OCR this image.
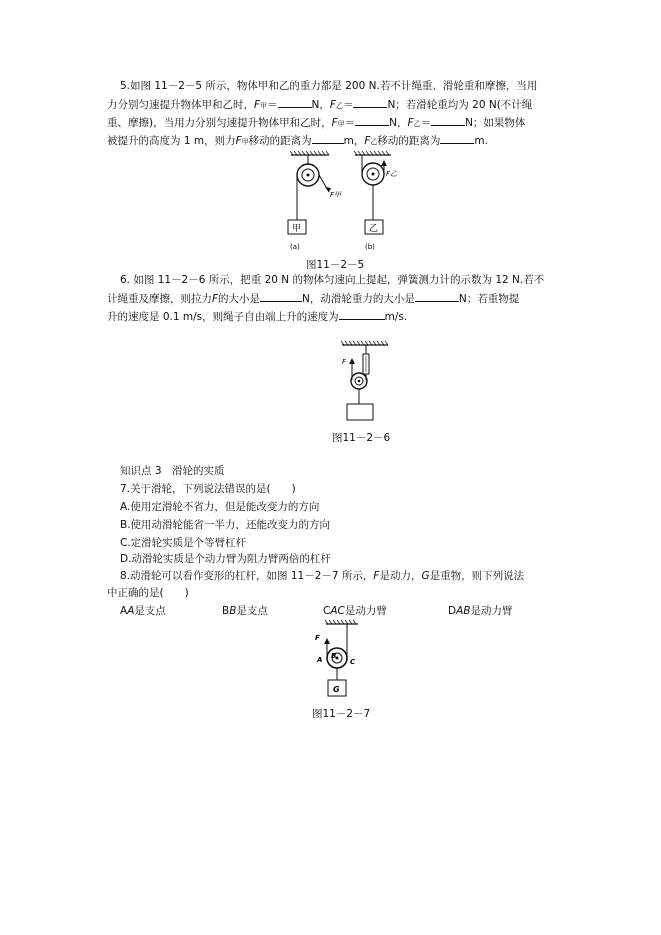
5.如图 11－2－5 所示，物体甲和乙的重力都是 200 N.若不计绳重、滑轮重和摩擦，当用
力分别匀速提升物体甲和乙时，F甲＝	N，F乙＝	N；若滑轮重均为 20 N(不计绳
重、摩擦)，当用力分别匀速提升物体甲和乙时，F甲＝	N，F乙＝	N；如果物体
被提升的高度为 1 m，则力F甲移动的距离为	m，F乙移动的距离为	m.
F甲
甲
(a)
F乙
乙
(b)
图11－2－5
6. 如图 11－2－6 所示，把重 20 N 的物体匀速向上提起，弹簧测力计的示数为 12 N.若不
计绳重及摩擦，则拉力F的大小是	N，动滑轮重力的大小是	N；若重物提
升的速度是 0.1 m/s，则绳子自由端上升的速度为	m/s.
F
图11－2－6
知识点 3　滑轮的实质
7.关于滑轮，下列说法错误的是(　　)
A.使用定滑轮不省力，但是能改变力的方向
B.使用动滑轮能省一半力，还能改变力的方向
C.定滑轮实质是个等臂杠杆
D.动滑轮实质是个动力臂为阻力臂两倍的杠杆
8.动滑轮可以看作变形的杠杆，如图 11－2－7 所示，F是动力，G是重物，则下列说法
中正确的是(　　)
AA是支点	BB是支点	CAC是动力臂	DAB是动力臂
F
A B
C
G
图11－2－7
